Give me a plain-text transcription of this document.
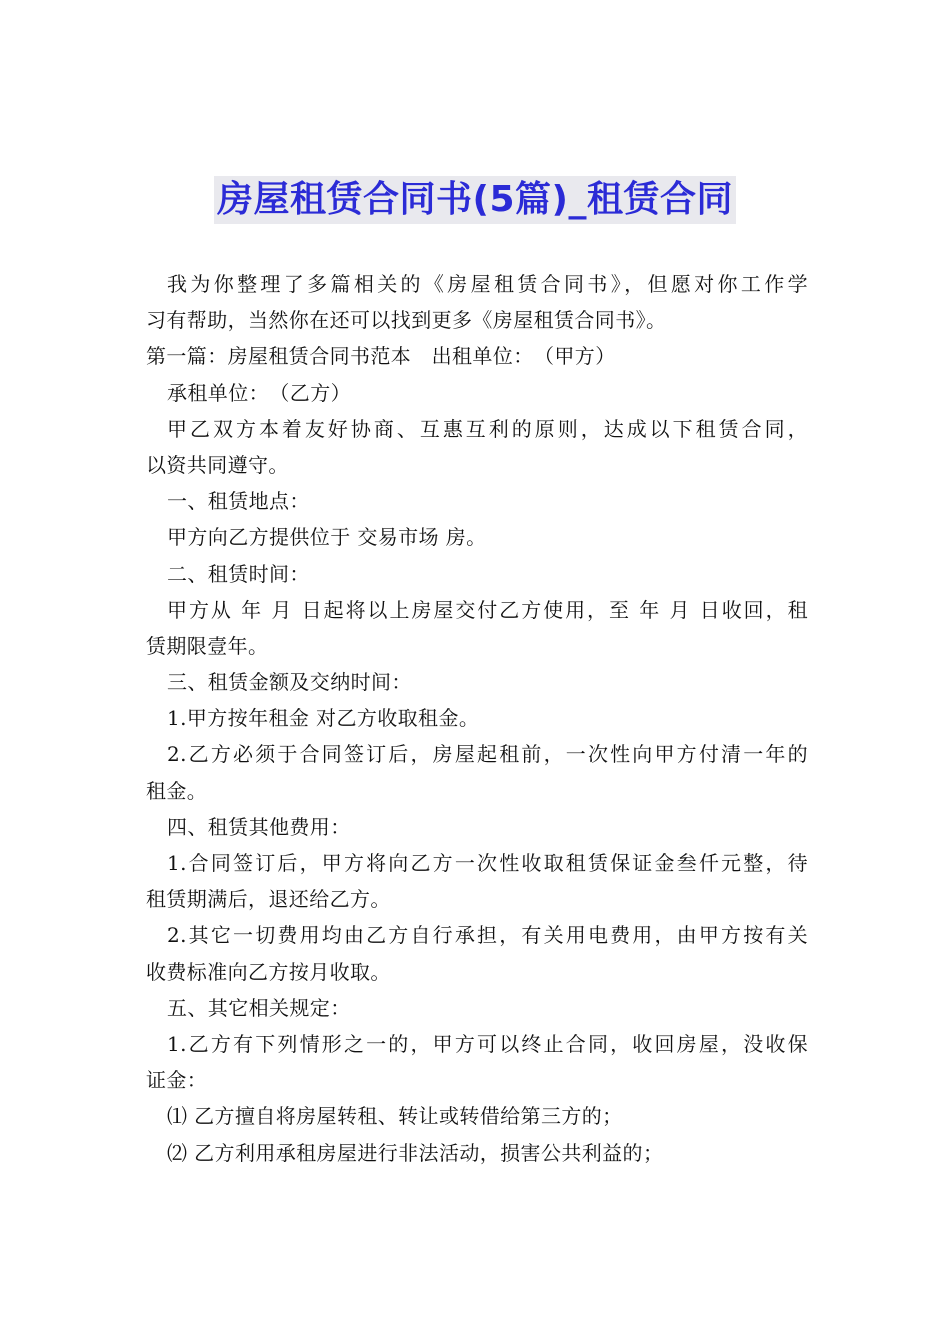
房屋租赁合同书(5篇)_租赁合同
我为你整理了多篇相关的《房屋租赁合同书》，但愿对你工作学
习有帮助，当然你在还可以找到更多《房屋租赁合同书》。
第一篇：房屋租赁合同书范本　出租单位：　（甲方）
承租单位：　（乙方）
甲乙双方本着友好协商、互惠互利的原则，达成以下租赁合同，
以资共同遵守。
一、租赁地点：
甲方向乙方提供位于 交易市场 房。
二、租赁时间：
甲方从 年 月 日起将以上房屋交付乙方使用，至 年 月 日收回，租
赁期限壹年。
三、租赁金额及交纳时间：
1.甲方按年租金 对乙方收取租金。
2.乙方必须于合同签订后，房屋起租前，一次性向甲方付清一年的
租金。
四、租赁其他费用：
1.合同签订后，甲方将向乙方一次性收取租赁保证金叁仟元整，待
租赁期满后，退还给乙方。
2.其它一切费用均由乙方自行承担，有关用电费用，由甲方按有关
收费标准向乙方按月收取。
五、其它相关规定：
1.乙方有下列情形之一的，甲方可以终止合同，收回房屋，没收保
证金：
⑴ 乙方擅自将房屋转租、转让或转借给第三方的；
⑵ 乙方利用承租房屋进行非法活动，损害公共利益的；
